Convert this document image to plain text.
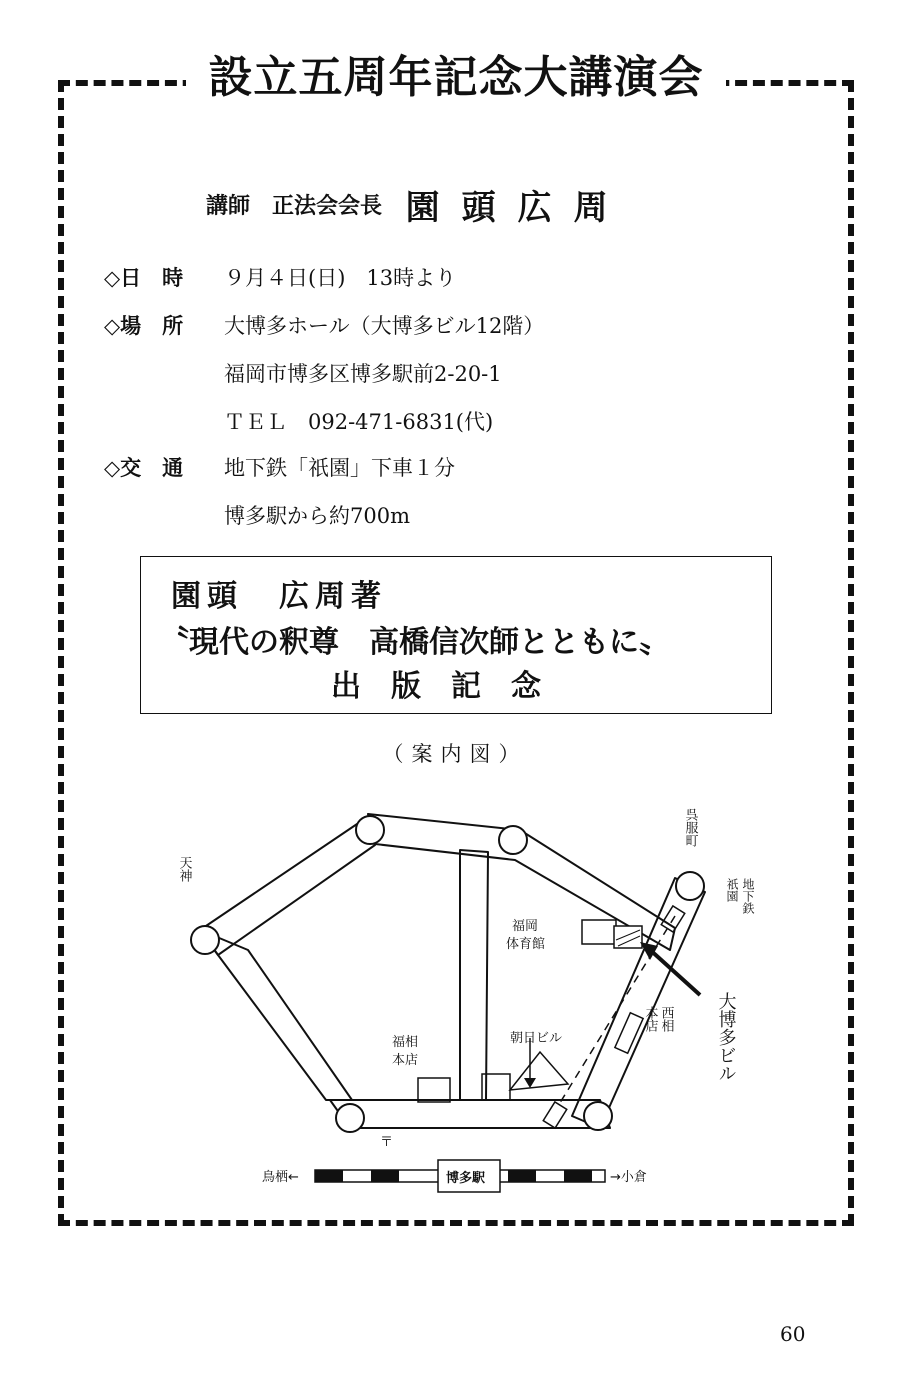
設立五周年記念大講演会
講師　正法会会長 園頭広周
◇日　時 ９月４日(日)　13時より
◇場　所 大博多ホール（大博多ビル12階）
福岡市博多区博多駅前2-20-1
ＴＥＬ　092-471-6831(代)
◇交　通 地下鉄「祇園」下車１分
博多駅から約700m
園頭　広周著
〝現代の釈尊　高橋信次師とともに〟
出　版　記　念
（案内図）
天神
呉服町
地下鉄
祇園
福岡
体育館
西相
本店
福相
本店
朝日ビル
〒
鳥栖←	→小倉
博多駅
大博多ビル
60
